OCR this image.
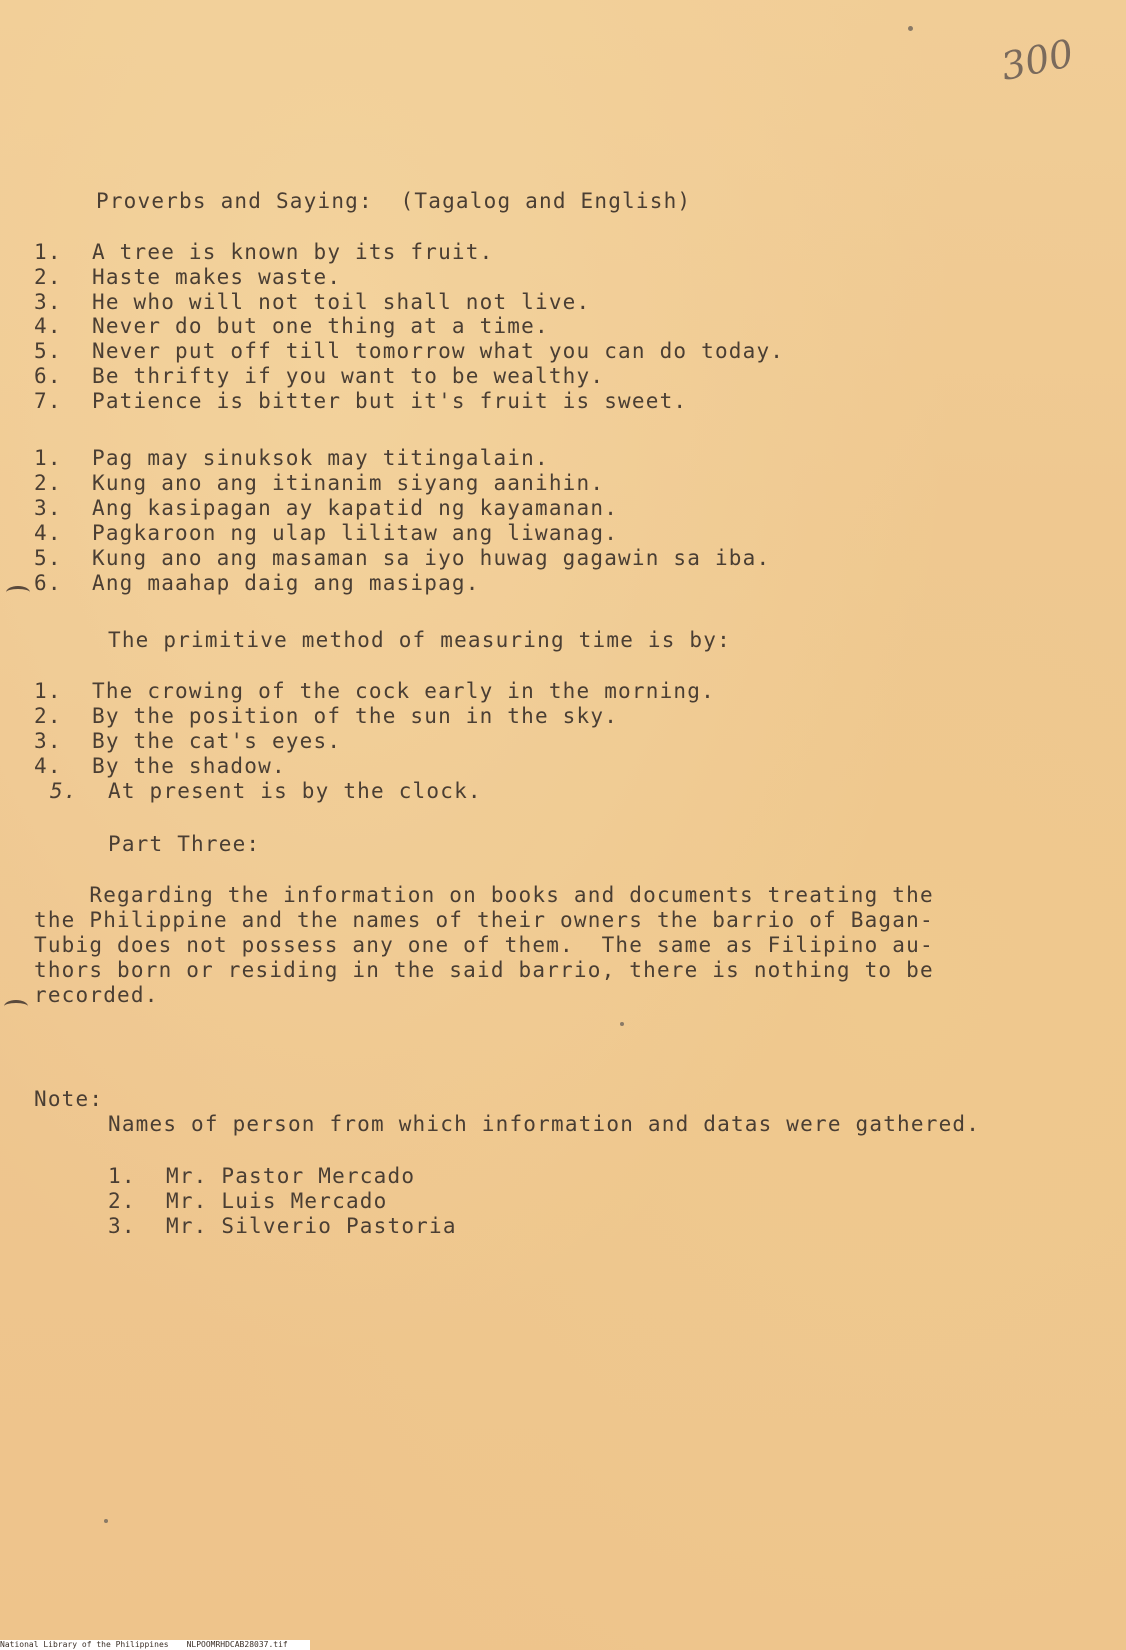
300
Proverbs and Saying:  (Tagalog and English)
1. A tree is known by its fruit.
2. Haste makes waste.
3. He who will not toil shall not live.
4. Never do but one thing at a time.
5. Never put off till tomorrow what you can do today.
6. Be thrifty if you want to be wealthy.
7. Patience is bitter but it's fruit is sweet.
1. Pag may sinuksok may titingalain.
2. Kung ano ang itinanim siyang aanihin.
3. Ang kasipagan ay kapatid ng kayamanan.
4. Pagkaroon ng ulap lilitaw ang liwanag.
5. Kung ano ang masaman sa iyo huwag gagawin sa iba.
6. Ang maahap daig ang masipag.
The primitive method of measuring time is by:
1. The crowing of the cock early in the morning.
2. By the position of the sun in the sky.
3. By the cat's eyes.
4. By the shadow.
5. At present is by the clock.
Part Three:
Regarding the information on books and documents treating the
the Philippine and the names of their owners the barrio of Bagan-
Tubig does not possess any one of them.  The same as Filipino au-
thors born or residing in the said barrio, there is nothing to be
recorded.
Note:
Names of person from which information and datas were gathered.
1. Mr. Pastor Mercado
2. Mr. Luis Mercado
3. Mr. Silverio Pastoria
National Library of the Philippines NLPOOMRHDCAB28037.tif
